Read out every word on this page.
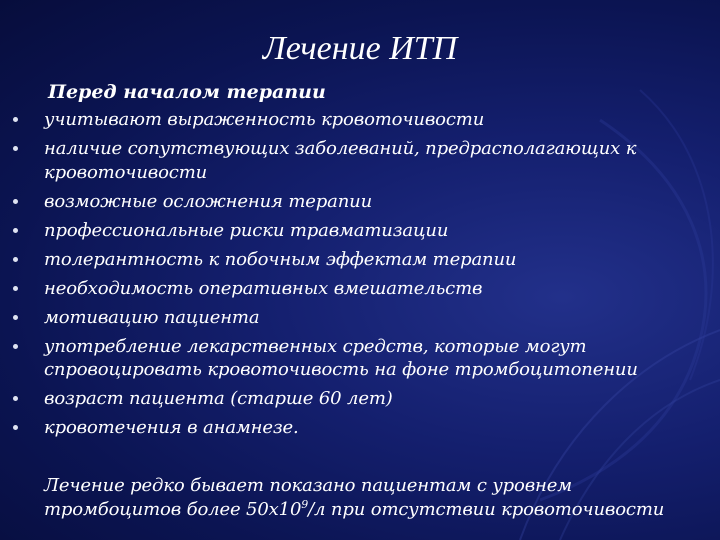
Лечение ИТП

Перед началом терапии

учитывают выраженность кровоточивости
наличие сопутствующих заболеваний, предрасполагающих к кровоточивости
возможные осложнения терапии
профессиональные риски травматизации
толерантность к побочным эффектам терапии
необходимость оперативных вмешательств
мотивацию пациента
употребление лекарственных средств, которые могут спровоцировать кровоточивость на фоне тромбоцитопении
возраст пациента (старше 60 лет)
кровотечения в анамнезе.

Лечение редко бывает показано пациентам с уровнем тромбоцитов более $50х10^9/л$ при отсутствии кровоточивости
